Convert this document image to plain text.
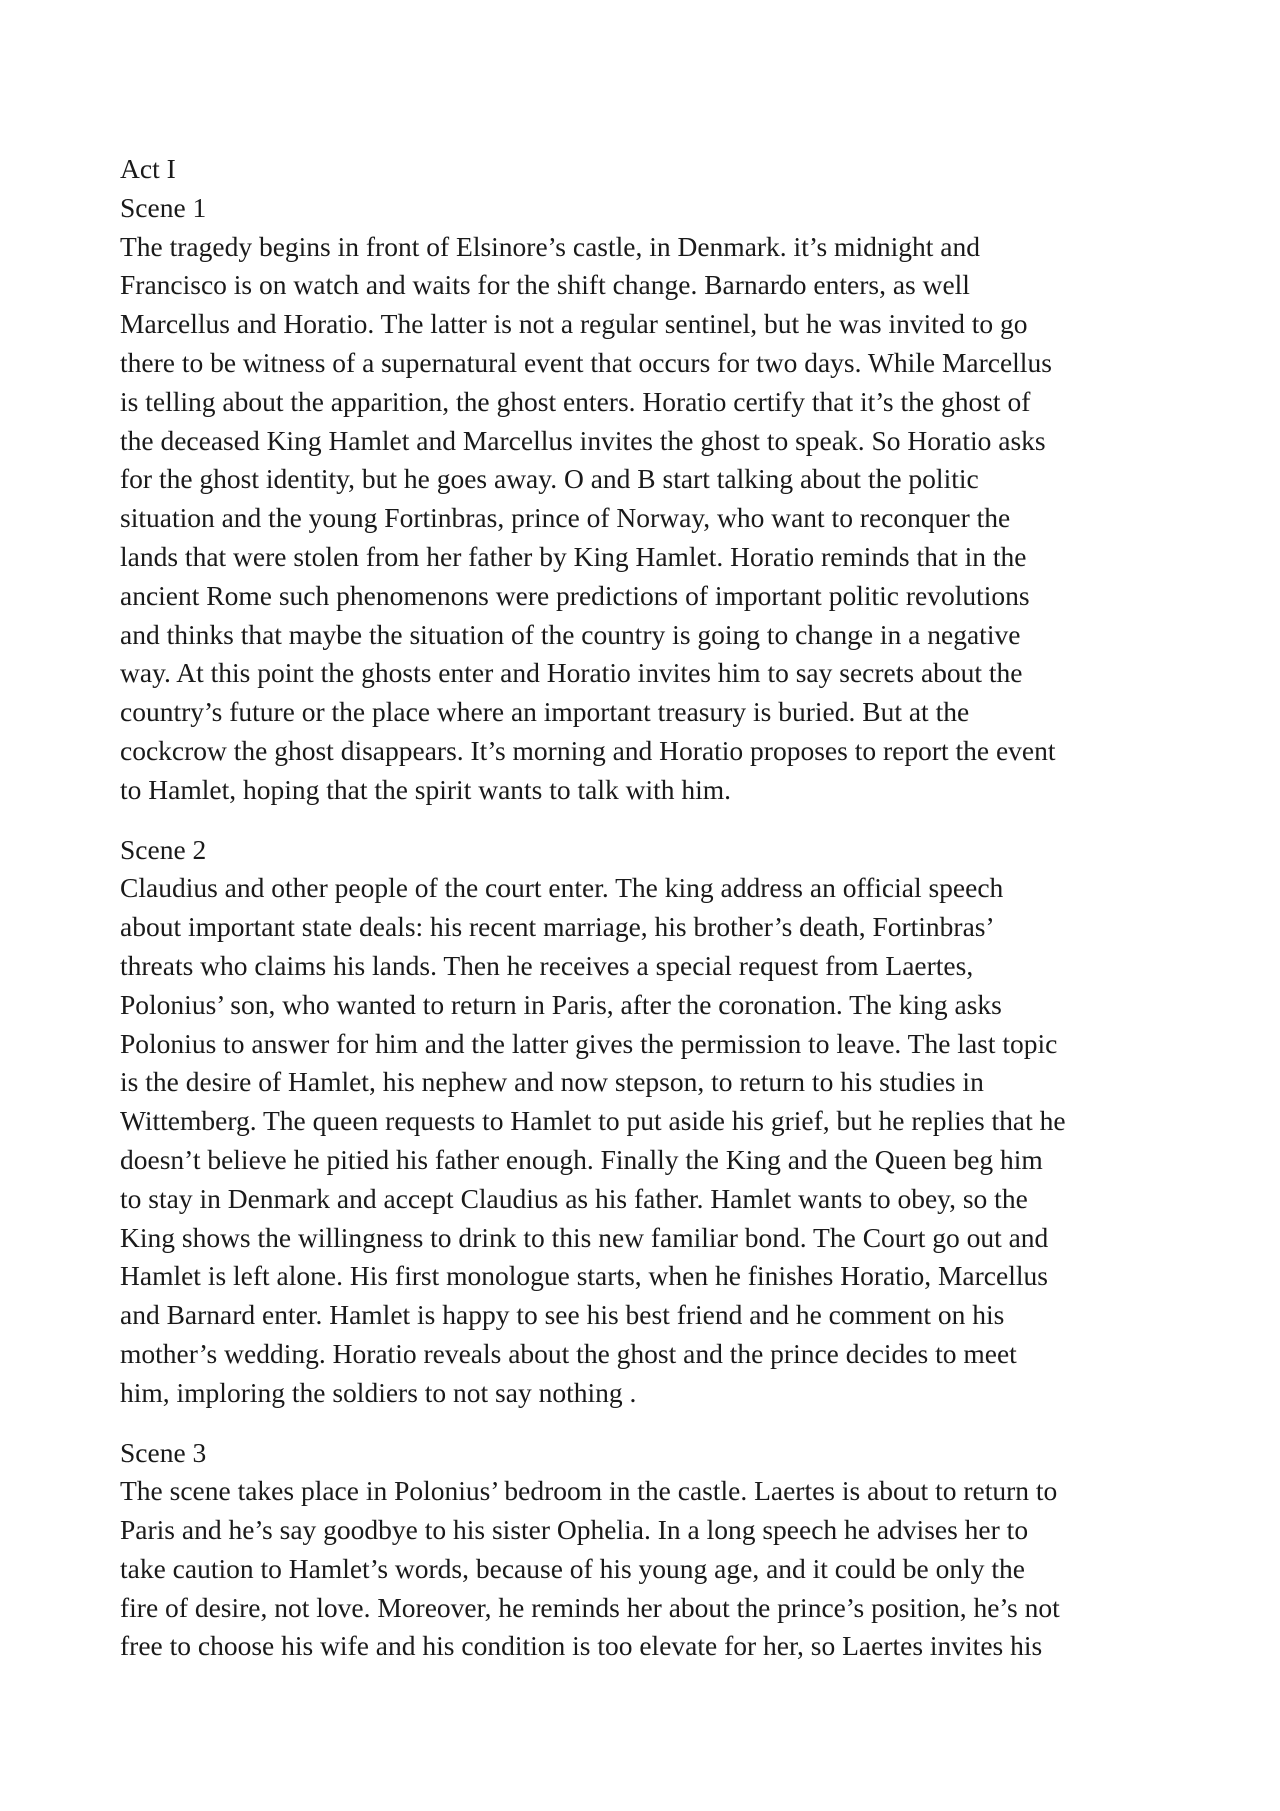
Act I
Scene 1
The tragedy begins in front of Elsinore’s castle, in Denmark. it’s midnight and
Francisco is on watch and waits for the shift change. Barnardo enters, as well
Marcellus and Horatio. The latter is not a regular sentinel, but he was invited to go
there to be witness of a supernatural event that occurs for two days. While Marcellus
is telling about the apparition, the ghost enters. Horatio certify that it’s the ghost of
the deceased King Hamlet and Marcellus invites the ghost to speak. So Horatio asks
for the ghost identity, but he goes away. O and B start talking about the politic
situation and the young Fortinbras, prince of Norway, who want to reconquer the
lands that were stolen from her father by King Hamlet. Horatio reminds that in the
ancient Rome such phenomenons were predictions of important politic revolutions
and thinks that maybe the situation of the country is going to change in a negative
way. At this point the ghosts enter and Horatio invites him to say secrets about the
country’s future or the place where an important treasury is buried. But at the
cockcrow the ghost disappears. It’s morning and Horatio proposes to report the event
to Hamlet, hoping that the spirit wants to talk with him.
Scene 2
Claudius and other people of the court enter. The king address an official speech
about important state deals: his recent marriage, his brother’s death, Fortinbras’
threats who claims his lands. Then he receives a special request from Laertes,
Polonius’ son, who wanted to return in Paris, after the coronation. The king asks
Polonius to answer for him and the latter gives the permission to leave. The last topic
is the desire of Hamlet, his nephew and now stepson, to return to his studies in
Wittemberg. The queen requests to Hamlet to put aside his grief, but he replies that he
doesn’t believe he pitied his father enough. Finally the King and the Queen beg him
to stay in Denmark and accept Claudius as his father. Hamlet wants to obey, so the
King shows the willingness to drink to this new familiar bond. The Court go out and
Hamlet is left alone. His first monologue starts, when he finishes Horatio, Marcellus
and Barnard enter. Hamlet is happy to see his best friend and he comment on his
mother’s wedding. Horatio reveals about the ghost and the prince decides to meet
him, imploring the soldiers to not say nothing .
Scene 3
The scene takes place in Polonius’ bedroom in the castle. Laertes is about to return to
Paris and he’s say goodbye to his sister Ophelia. In a long speech he advises her to
take caution to Hamlet’s words, because of his young age, and it could be only the
fire of desire, not love. Moreover, he reminds her about the prince’s position, he’s not
free to choose his wife and his condition is too elevate for her, so Laertes invites his
